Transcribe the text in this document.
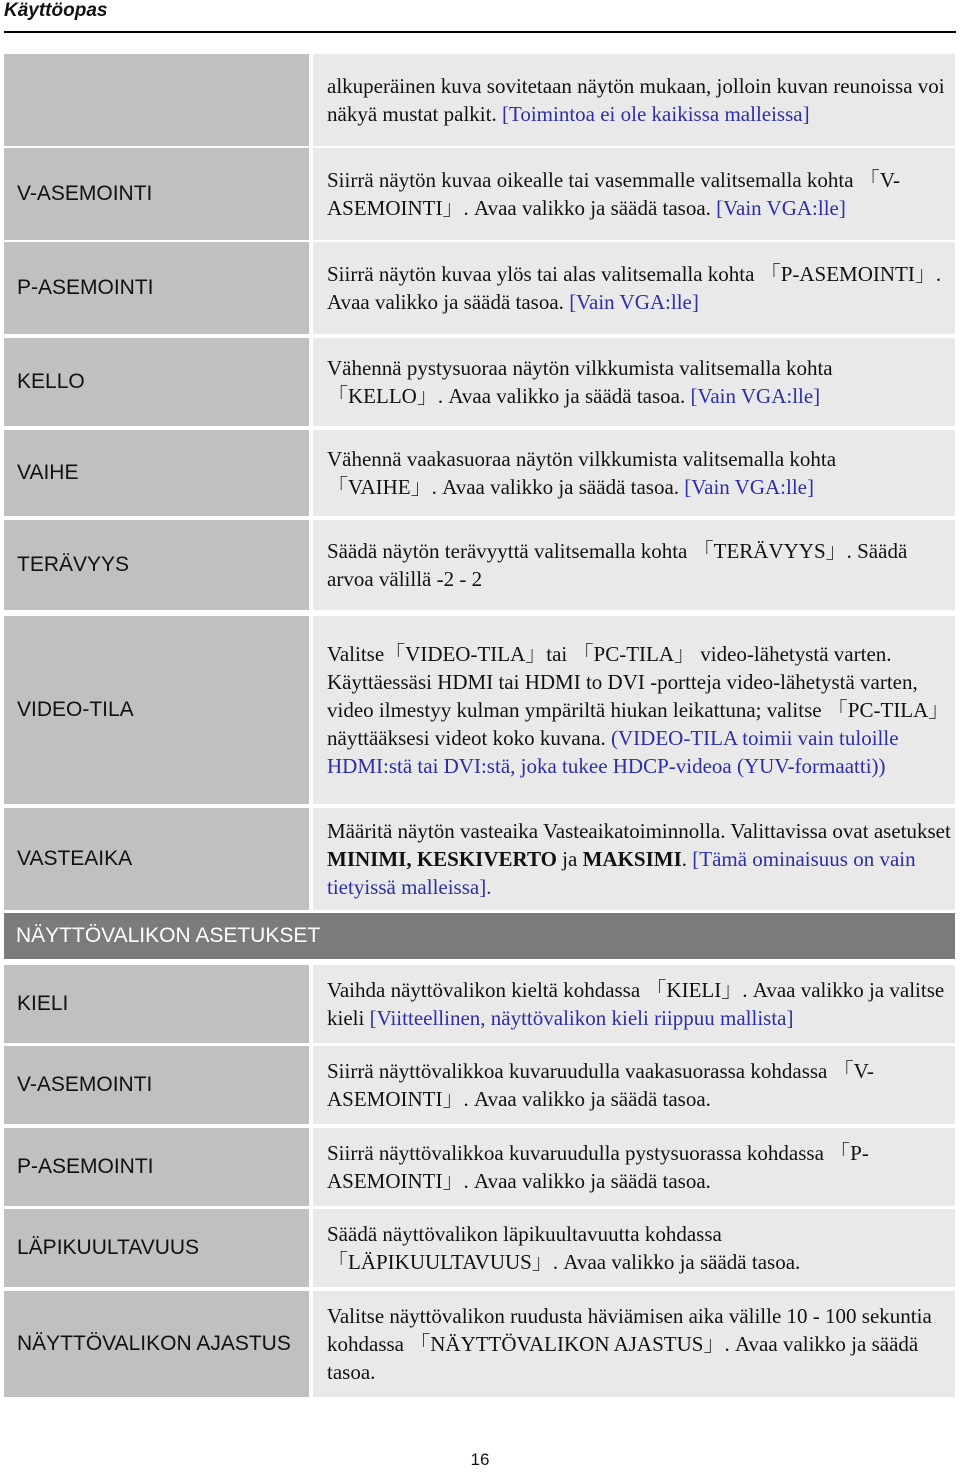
Käyttöopas
alkuperäinen kuva sovitetaan näytön mukaan, jolloin kuvan reunoissa voi näkyä mustat palkit. [Toimintoa ei ole kaikissa malleissa]
V-ASEMOINTI
Siirrä näytön kuvaa oikealle tai vasemmalle valitsemalla kohta 「V-ASEMOINTI」. Avaa valikko ja säädä tasoa. [Vain VGA:lle]
P-ASEMOINTI
Siirrä näytön kuvaa ylös tai alas valitsemalla kohta 「P-ASEMOINTI」. Avaa valikko ja säädä tasoa. [Vain VGA:lle]
KELLO
Vähennä pystysuoraa näytön vilkkumista valitsemalla kohta 「KELLO」. Avaa valikko ja säädä tasoa. [Vain VGA:lle]
VAIHE
Vähennä vaakasuoraa näytön vilkkumista valitsemalla kohta 「VAIHE」. Avaa valikko ja säädä tasoa. [Vain VGA:lle]
TERÄVYYS
Säädä näytön terävyyttä valitsemalla kohta 「TERÄVYYS」. Säädä arvoa välillä -2 - 2
VIDEO-TILA
Valitse「VIDEO-TILA」tai 「PC-TILA」 video-lähetystä varten. Käyttäessäsi HDMI tai HDMI to DVI -portteja video-lähetystä varten, video ilmestyy kulman ympäriltä hiukan leikattuna; valitse 「PC-TILA」 näyttääksesi videot koko kuvana. (VIDEO-TILA toimii vain tuloille HDMI:stä tai DVI:stä, joka tukee HDCP-videoa (YUV-formaatti))
VASTEAIKA
Määritä näytön vasteaika Vasteaikatoiminnolla. Valittavissa ovat asetukset MINIMI, KESKIVERTO ja MAKSIMI. [Tämä ominaisuus on vain tietyissä malleissa].
KIELI
Vaihda näyttövalikon kieltä kohdassa 「KIELI」. Avaa valikko ja valitse kieli [Viitteellinen, näyttövalikon kieli riippuu mallista]
V-ASEMOINTI
Siirrä näyttövalikkoa kuvaruudulla vaakasuorassa kohdassa 「V-ASEMOINTI」. Avaa valikko ja säädä tasoa.
P-ASEMOINTI
Siirrä näyttövalikkoa kuvaruudulla pystysuorassa kohdassa 「P-ASEMOINTI」. Avaa valikko ja säädä tasoa.
LÄPIKUULTAVUUS
Säädä näyttövalikon läpikuultavuutta kohdassa 「LÄPIKUULTAVUUS」. Avaa valikko ja säädä tasoa.
NÄYTTÖVALIKON AJASTUS
Valitse näyttövalikon ruudusta häviämisen aika välille 10 - 100 sekuntia kohdassa 「NÄYTTÖVALIKON AJASTUS」. Avaa valikko ja säädä tasoa.
NÄYTTÖVALIKON ASETUKSET
16
